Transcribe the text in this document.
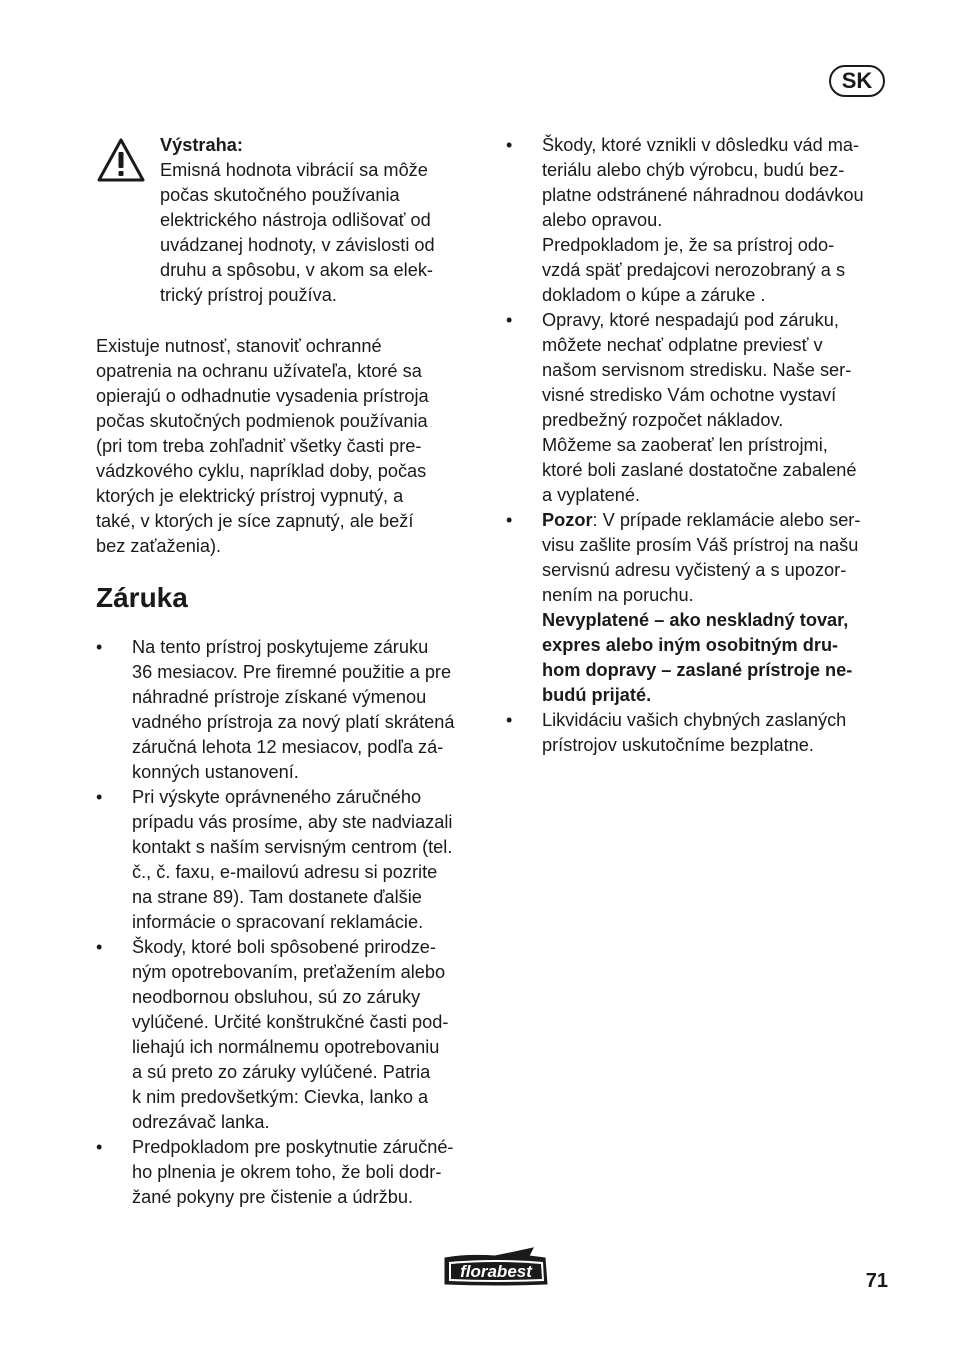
SK
Výstraha:
Emisná hodnota vibrácií sa môže
počas skutočného používania
elektrického nástroja odlišovať od
uvádzanej hodnoty, v závislosti od
druhu a spôsobu, v akom sa elek-
trický prístroj používa.
Existuje nutnosť, stanoviť ochranné
opatrenia na ochranu užívateľa, ktoré sa
opierajú o odhadnutie vysadenia prístroja
počas skutočných podmienok používania
(pri tom treba zohľadniť všetky časti pre-
vádzkového cyklu, napríklad doby, počas
ktorých je elektrický prístroj vypnutý, a
také, v ktorých je síce zapnutý, ale beží
bez zaťaženia).
Záruka
•	Na tento prístroj poskytujeme záruku
36 mesiacov. Pre firemné použitie a pre
náhradné prístroje získané výmenou
vadného prístroja za nový platí skrátená
záručná lehota 12 mesiacov, podľa zá-
konných ustanovení.
•	Pri výskyte oprávneného záručného
prípadu vás prosíme, aby ste nadviazali
kontakt s naším servisným centrom (tel.
č., č. faxu, e-mailovú adresu si pozrite
na strane 89). Tam dostanete ďalšie
informácie o spracovaní reklamácie.
•	Škody, ktoré boli spôsobené prirodze-
ným opotrebovaním, preťažením alebo
neodbornou obsluhou, sú zo záruky
vylúčené. Určité konštrukčné časti pod-
liehajú ich normálnemu opotrebovaniu
a sú preto zo záruky vylúčené. Patria
k nim predovšetkým: Cievka, lanko a
odrezávač lanka.
•	Predpokladom pre poskytnutie záručné-
ho plnenia je okrem toho, že boli dodr-
žané pokyny pre čistenie a údržbu.
•	Škody, ktoré vznikli v dôsledku vád ma-
teriálu alebo chýb výrobcu, budú bez-
platne odstránené náhradnou dodávkou
alebo opravou.
Predpokladom je, že sa prístroj odo-
vzdá späť predajcovi nerozobraný a s
dokladom o kúpe a záruke .
•	Opravy, ktoré nespadajú pod záruku,
môžete nechať odplatne previesť v
našom servisnom stredisku. Naše ser-
visné stredisko Vám ochotne vystaví
predbežný rozpočet nákladov.
Môžeme sa zaoberať len prístrojmi,
ktoré boli zaslané dostatočne zabalené
a vyplatené.
•	Pozor: V prípade reklamácie alebo ser-
visu zašlite prosím Váš prístroj na našu
servisnú adresu vyčistený a s upozor-
nením na poruchu.
Nevyplatené – ako neskladný tovar,
expres alebo iným osobitným dru-
hom dopravy – zaslané prístroje ne-
budú prijaté.
•	Likvidáciu vašich chybných zaslaných
prístrojov uskutočníme bezplatne.
florabest	71
